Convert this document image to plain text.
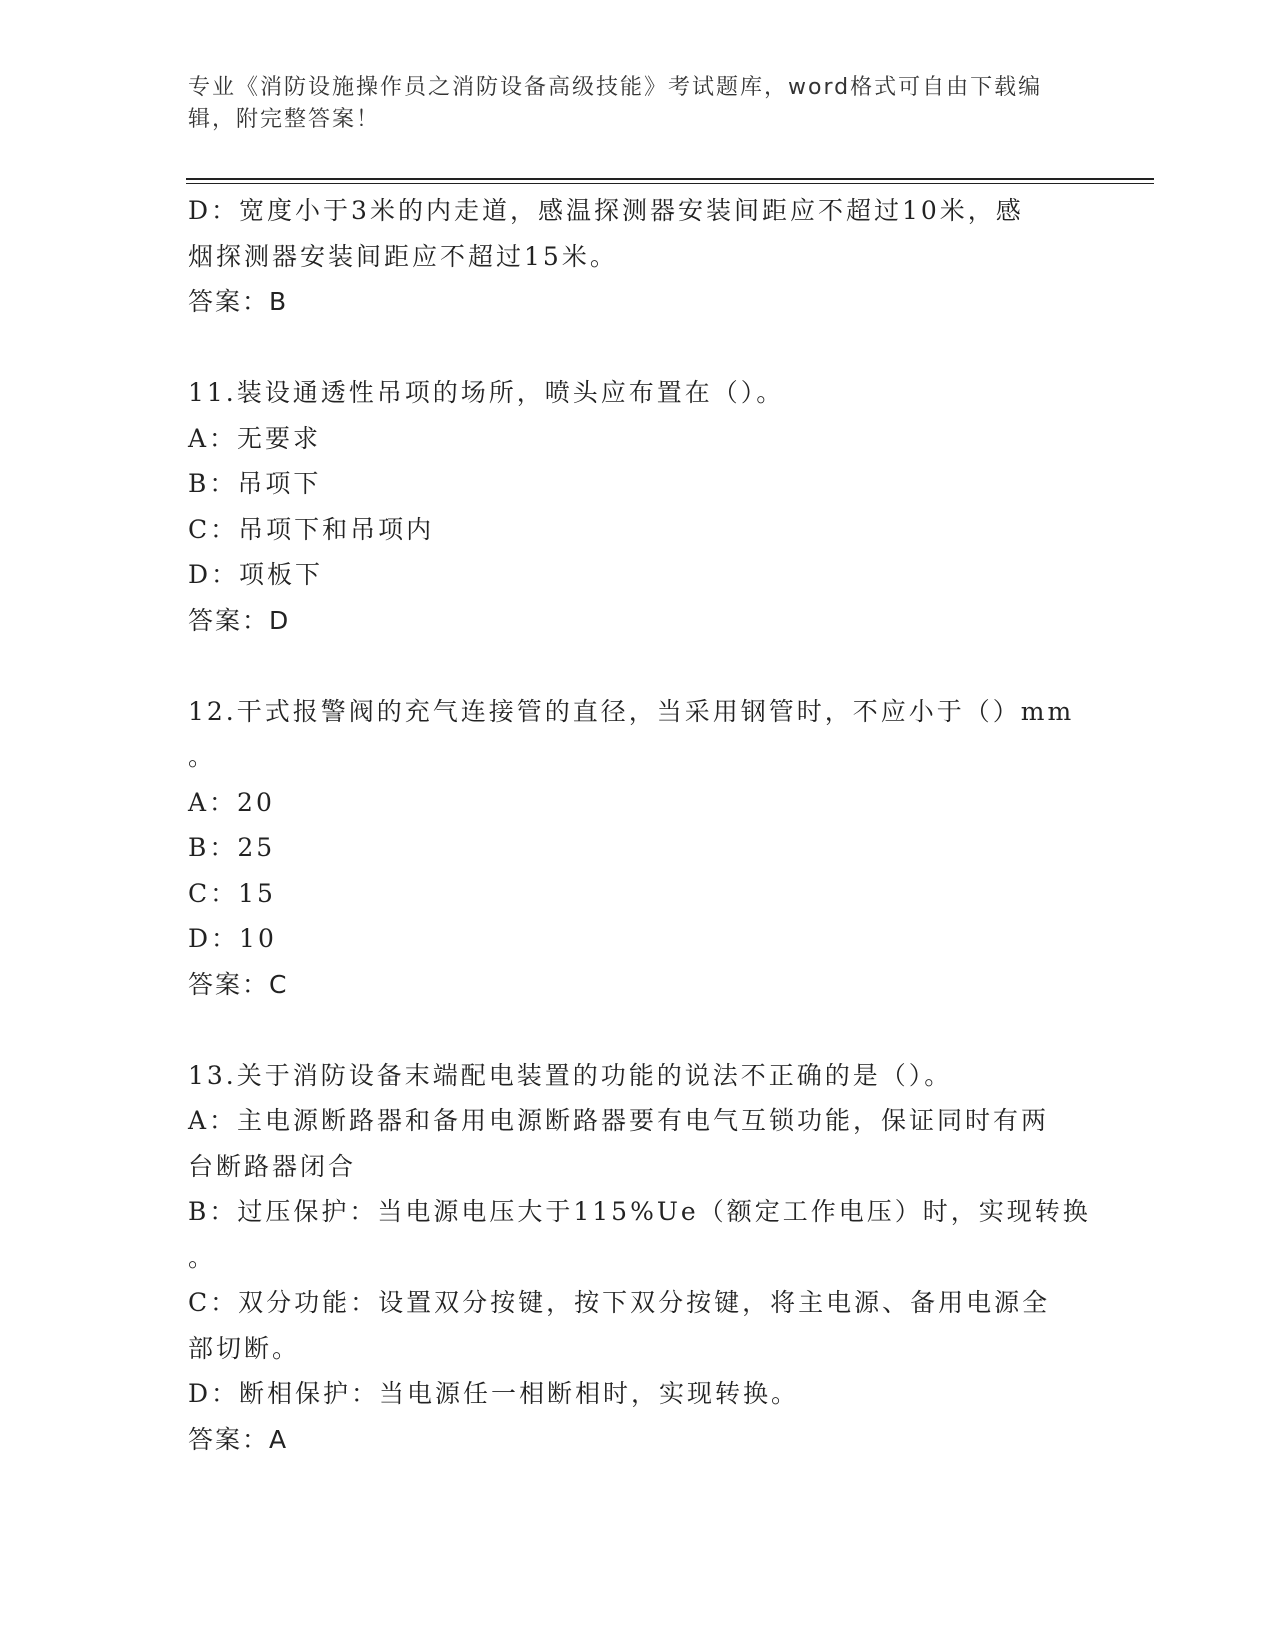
专业《消防设施操作员之消防设备高级技能》考试题库，word格式可自由下载编
辑，附完整答案！
D：宽度小于3米的内走道，感温探测器安装间距应不超过10米，感
烟探测器安装间距应不超过15米。
答案：B
11.装设通透性吊项的场所，喷头应布置在（）。
A：无要求
B：吊项下
C：吊项下和吊项内
D：项板下
答案：D
12.干式报警阀的充气连接管的直径，当采用钢管时，不应小于（）mm
。
A：20
B：25
C：15
D：10
答案：C
13.关于消防设备末端配电装置的功能的说法不正确的是（）。
A：主电源断路器和备用电源断路器要有电气互锁功能，保证同时有两
台断路器闭合
B：过压保护：当电源电压大于115%Ue（额定工作电压）时，实现转换
。
C：双分功能：设置双分按键，按下双分按键，将主电源、备用电源全
部切断。
D：断相保护：当电源任一相断相时，实现转换。
答案：A
